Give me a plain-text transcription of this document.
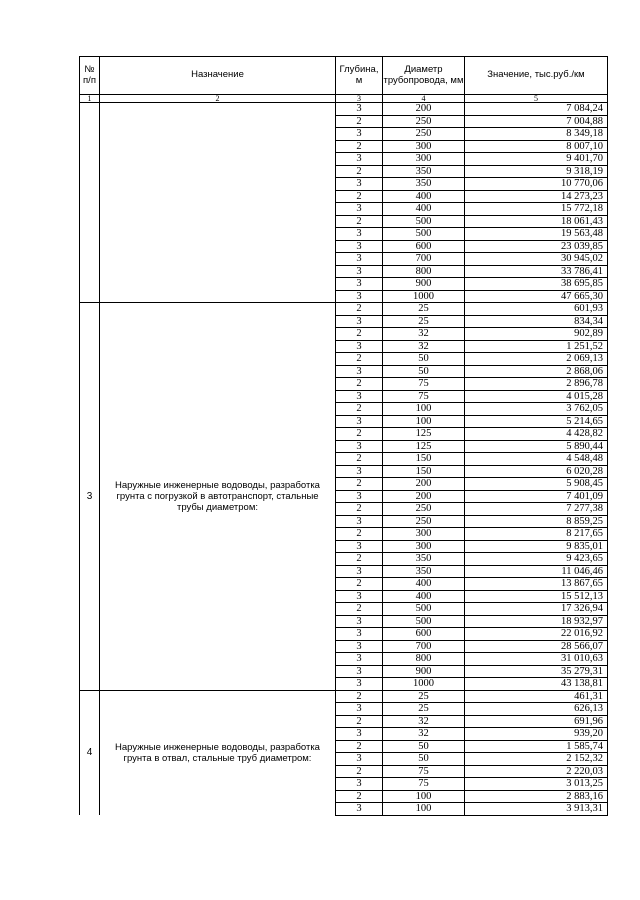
№ п/п	Назначение	Глубина, м	Диаметр трубопровода, мм	Значение, тыс.руб./км
1	2	3	4	5
		3	200	7 084,24
		2	250	7 004,88
		3	250	8 349,18
		2	300	8 007,10
		3	300	9 401,70
		2	350	9 318,19
		3	350	10 770,06
		2	400	14 273,23
		3	400	15 772,18
		2	500	18 061,43
		3	500	19 563,48
		3	600	23 039,85
		3	700	30 945,02
		3	800	33 786,41
		3	900	38 695,85
		3	1000	47 665,30
3	Наружные инженерные водоводы, разработка грунта с погрузкой в автотранспорт, стальные трубы диаметром:	2	25	601,93
		3	25	834,34
		2	32	902,89
		3	32	1 251,52
		2	50	2 069,13
		3	50	2 868,06
		2	75	2 896,78
		3	75	4 015,28
		2	100	3 762,05
		3	100	5 214,65
		2	125	4 428,82
		3	125	5 890,44
		2	150	4 548,48
		3	150	6 020,28
		2	200	5 908,45
		3	200	7 401,09
		2	250	7 277,38
		3	250	8 859,25
		2	300	8 217,65
		3	300	9 835,01
		2	350	9 423,65
		3	350	11 046,46
		2	400	13 867,65
		3	400	15 512,13
		2	500	17 326,94
		3	500	18 932,97
		3	600	22 016,92
		3	700	28 566,07
		3	800	31 010,63
		3	900	35 279,31
		3	1000	43 138,81
4	Наружные инженерные водоводы, разработка грунта в отвал, стальные труб диаметром:	2	25	461,31
		3	25	626,13
		2	32	691,96
		3	32	939,20
		2	50	1 585,74
		3	50	2 152,32
		2	75	2 220,03
		3	75	3 013,25
		2	100	2 883,16
		3	100	3 913,31
